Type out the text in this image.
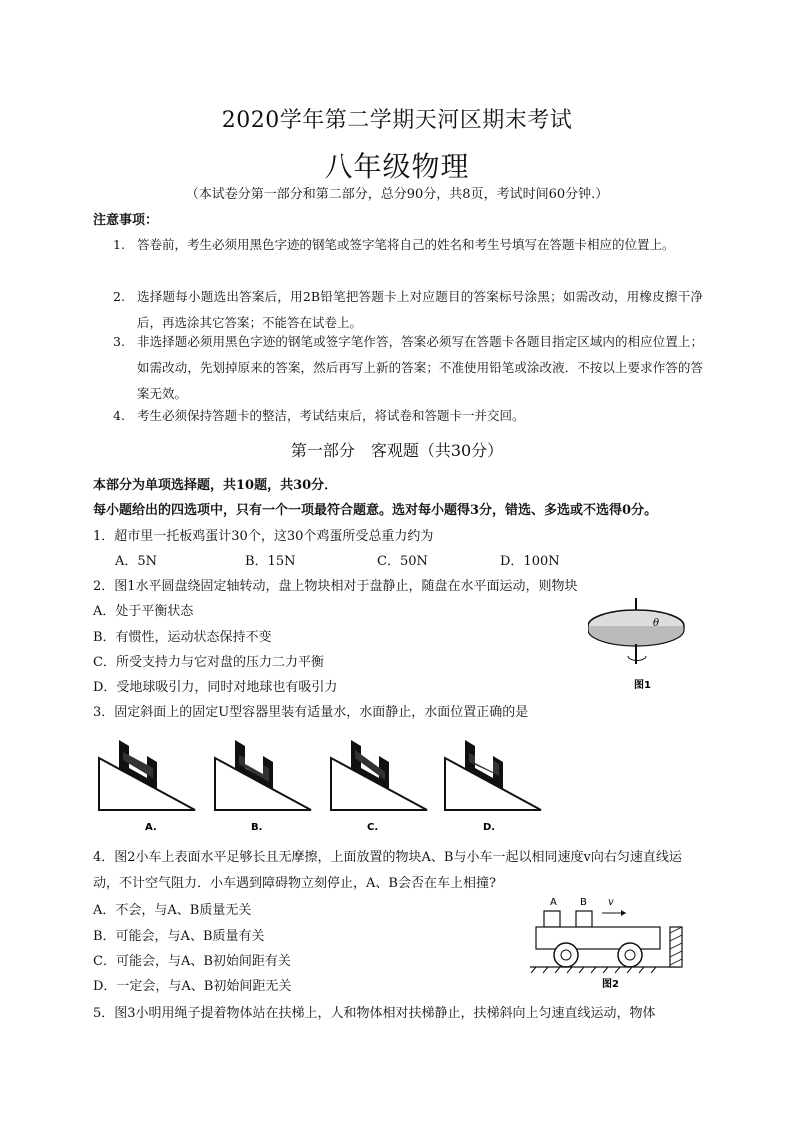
2020学年第二学期天河区期末考试
八年级物理
（本试卷分第一部分和第二部分，总分90分，共8页，考试时间60分钟.）
注意事项：
1. 答卷前，考生必须用黑色字迹的钢笔或签字笔将自己的姓名和考生号填写在答题卡相应的位置上。
2. 选择题每小题选出答案后，用2B铅笔把答题卡上对应题目的答案标号涂黑；如需改动，用橡皮擦干净后，再选涂其它答案；不能答在试卷上。
3. 非选择题必须用黑色字迹的钢笔或签字笔作答，答案必须写在答题卡各题目指定区域内的相应位置上；如需改动，先划掉原来的答案，然后再写上新的答案；不准使用铅笔或涂改液．不按以上要求作答的答案无效。
4. 考生必须保持答题卡的整洁，考试结束后，将试卷和答题卡一并交回。
第一部分　客观题（共30分）
本部分为单项选择题，共10题，共30分．
每小题给出的四选项中，只有一个一项最符合题意。选对每小题得3分，错选、多选或不选得0分。
1．超市里一托板鸡蛋计30个，这30个鸡蛋所受总重力约为
A．5N	B．15N	C．50N	D．100N
2．图1水平圆盘绕固定轴转动，盘上物块相对于盘静止，随盘在水平面运动，则物块
A．处于平衡状态
B．有惯性，运动状态保持不变
C．所受支持力与它对盘的压力二力平衡
D．受地球吸引力，同时对地球也有吸引力
θ
图1
3．固定斜面上的固定U型容器里装有适量水，水面静止，水面位置正确的是
A.	B.	C.	D.
4．图2小车上表面水平足够长且无摩擦，上面放置的物块A、B与小车一起以相同速度v向右匀速直线运动，不计空气阻力．小车遇到障碍物立刻停止，A、B会否在车上相撞?
A．不会，与A、B质量无关
B．可能会，与A、B质量有关
C．可能会，与A、B初始间距有关
D．一定会，与A、B初始间距无关
A B v
图2
5．图3小明用绳子提着物体站在扶梯上，人和物体相对扶梯静止，扶梯斜向上匀速直线运动，物体
